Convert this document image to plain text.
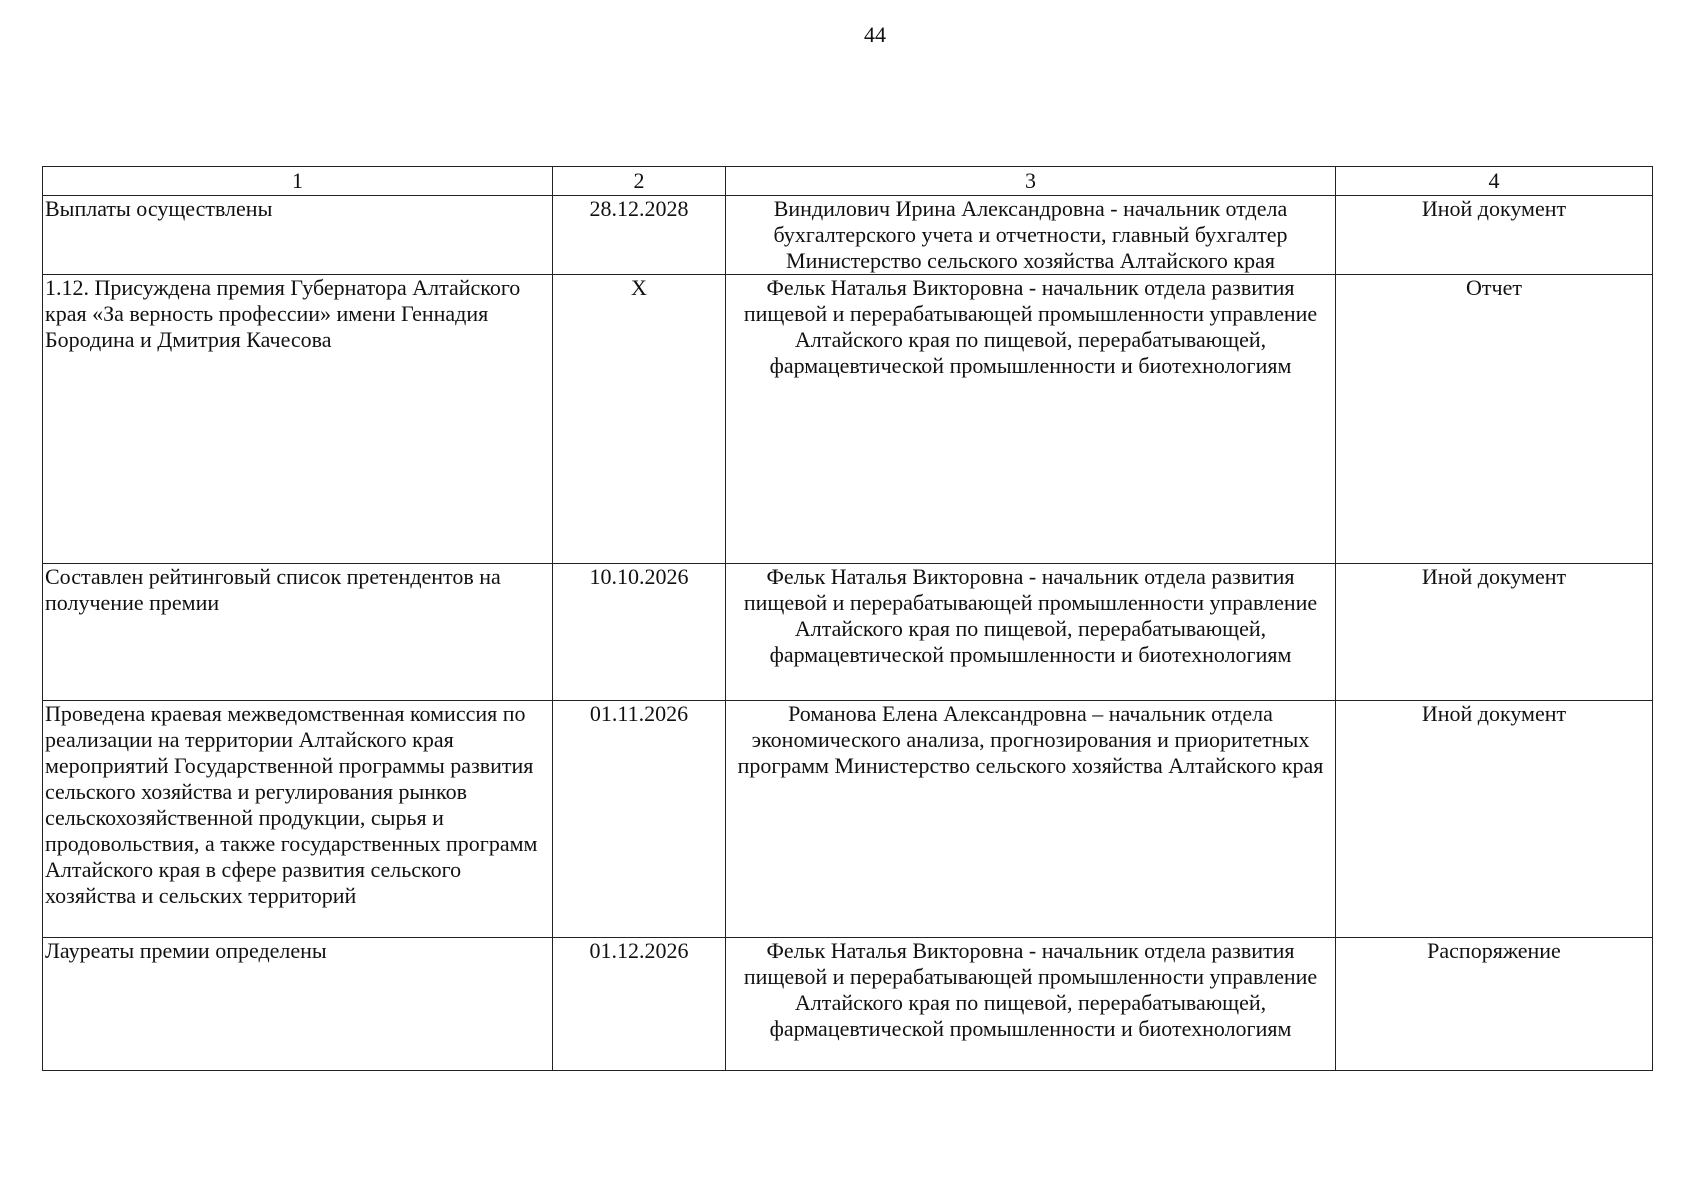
44
1	2	3	4
Выплаты осуществлены	28.12.2028	Виндилович Ирина Александровна - начальник отдела бухгалтерского учета и отчетности, главный бухгалтер Министерство сельского хозяйства Алтайского края	Иной документ
1.12. Присуждена премия Губернатора Алтайского края «За верность профессии» имени Геннадия Бородина и Дмитрия Качесова	X	Фельк Наталья Викторовна - начальник отдела развития пищевой и перерабатывающей промышленности управление Алтайского края по пищевой, перерабатывающей, фармацевтической промышленности и биотехнологиям	Отчет
Составлен рейтинговый список претендентов на получение премии	10.10.2026	Фельк Наталья Викторовна - начальник отдела развития пищевой и перерабатывающей промышленности управление Алтайского края по пищевой, перерабатывающей, фармацевтической промышленности и биотехнологиям	Иной документ
Проведена краевая межведомственная комиссия по реализации на территории Алтайского края мероприятий Государственной программы развития сельского хозяйства и регулирования рынков сельскохозяйственной продукции, сырья и продовольствия, а также государственных программ Алтайского края в сфере развития сельского хозяйства и сельских территорий	01.11.2026	Романова Елена Александровна – начальник отдела экономического анализа, прогнозирования и приоритетных программ Министерство сельского хозяйства Алтайского края	Иной документ
Лауреаты премии определены	01.12.2026	Фельк Наталья Викторовна - начальник отдела развития пищевой и перерабатывающей промышленности управление Алтайского края по пищевой, перерабатывающей, фармацевтической промышленности и биотехнологиям	Распоряжение
